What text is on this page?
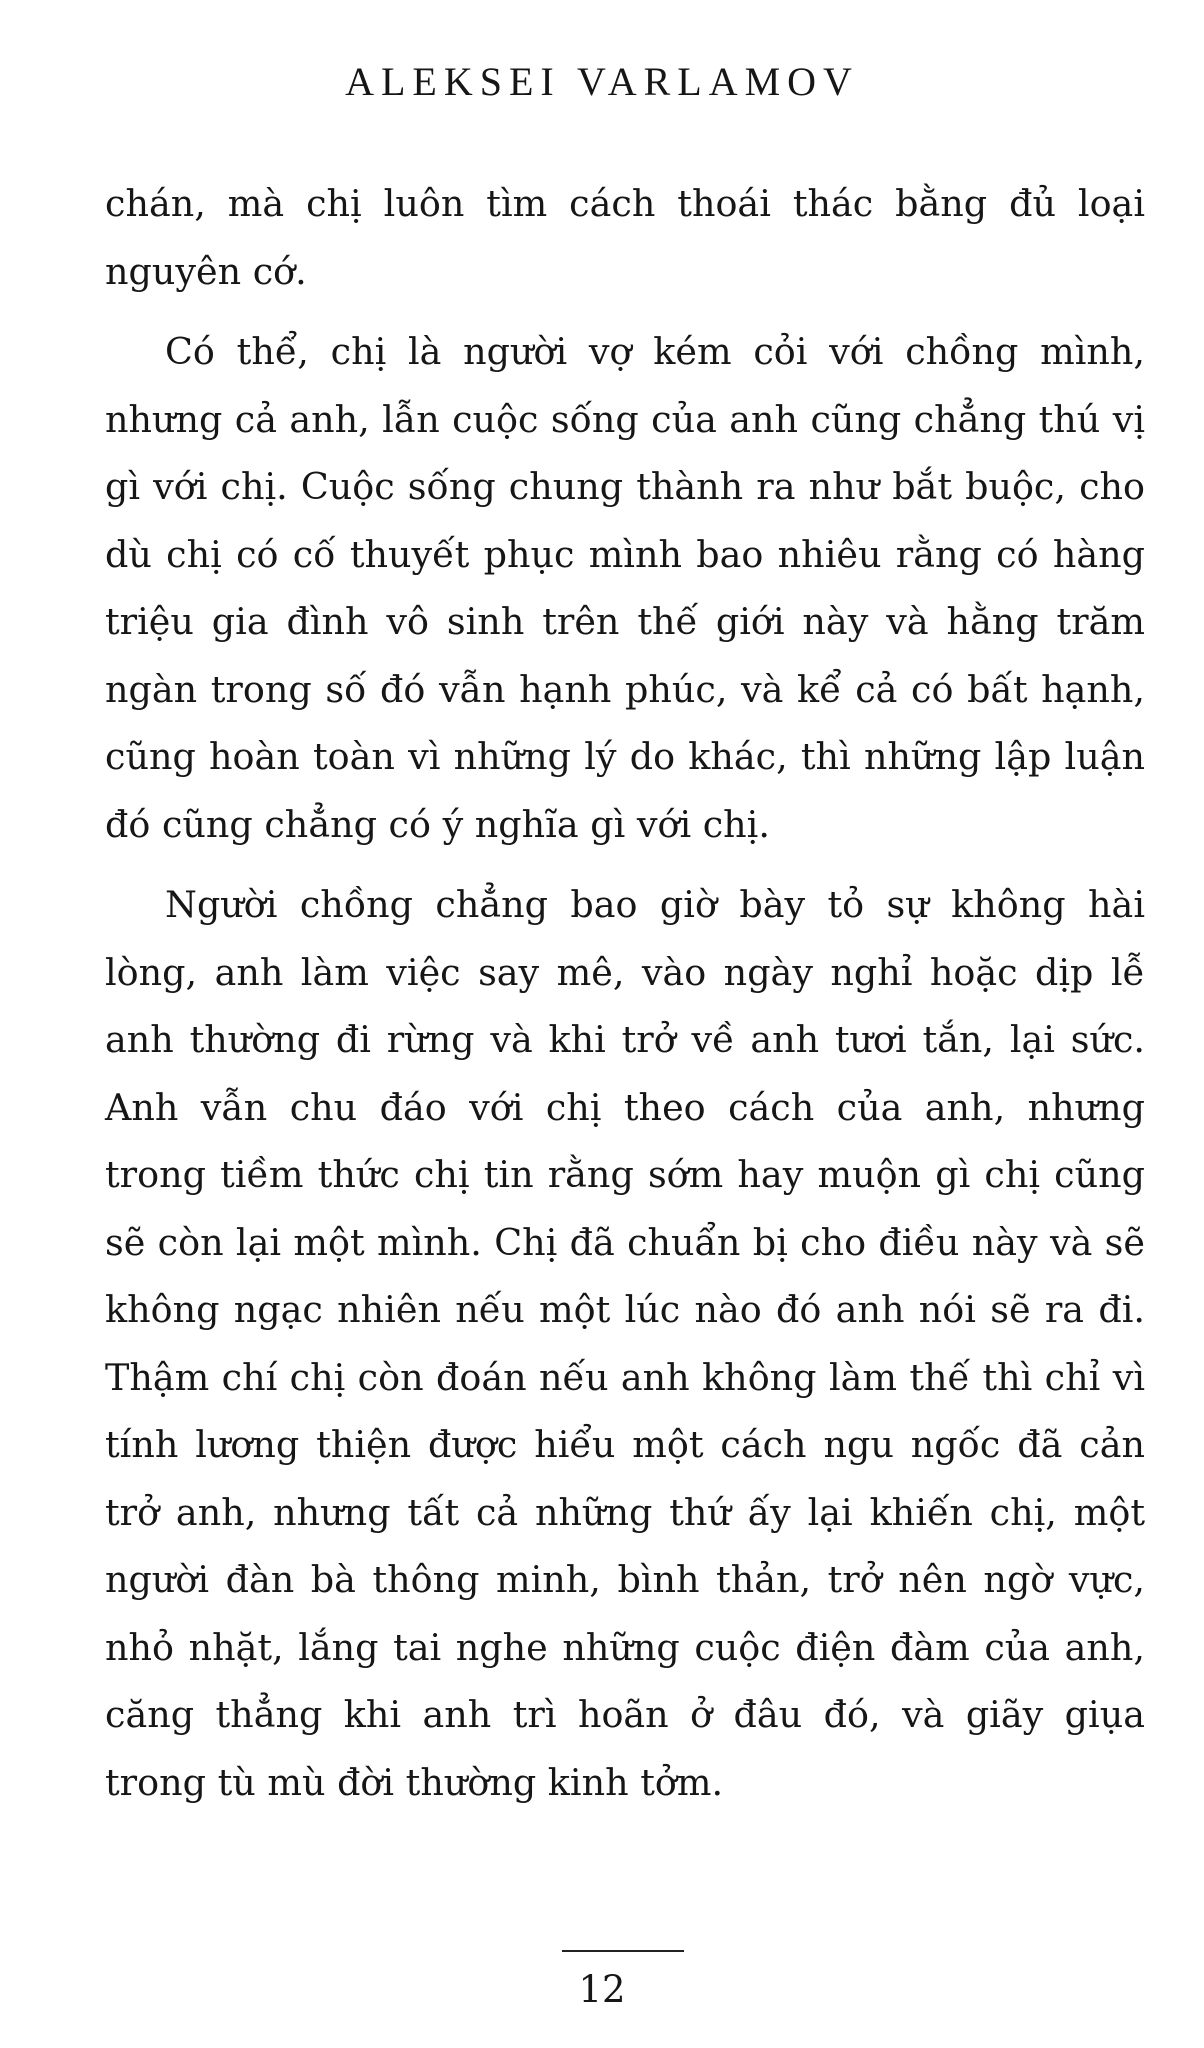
ALEKSEI VARLAMOV

chán, mà chị luôn tìm cách thoái thác bằng đủ loại nguyên cớ.

Có thể, chị là người vợ kém cỏi với chồng mình, nhưng cả anh, lẫn cuộc sống của anh cũng chẳng thú vị gì với chị. Cuộc sống chung thành ra như bắt buộc, cho dù chị có cố thuyết phục mình bao nhiêu rằng có hàng triệu gia đình vô sinh trên thế giới này và hằng trăm ngàn trong số đó vẫn hạnh phúc, và kể cả có bất hạnh, cũng hoàn toàn vì những lý do khác, thì những lập luận đó cũng chẳng có ý nghĩa gì với chị.

Người chồng chẳng bao giờ bày tỏ sự không hài lòng, anh làm việc say mê, vào ngày nghỉ hoặc dịp lễ anh thường đi rừng và khi trở về anh tươi tắn, lại sức. Anh vẫn chu đáo với chị theo cách của anh, nhưng trong tiềm thức chị tin rằng sớm hay muộn gì chị cũng sẽ còn lại một mình. Chị đã chuẩn bị cho điều này và sẽ không ngạc nhiên nếu một lúc nào đó anh nói sẽ ra đi. Thậm chí chị còn đoán nếu anh không làm thế thì chỉ vì tính lương thiện được hiểu một cách ngu ngốc đã cản trở anh, nhưng tất cả những thứ ấy lại khiến chị, một người đàn bà thông minh, bình thản, trở nên ngờ vực, nhỏ nhặt, lắng tai nghe những cuộc điện đàm của anh, căng thẳng khi anh trì hoãn ở đâu đó, và giãy giụa trong tù mù đời thường kinh tởm.

12
